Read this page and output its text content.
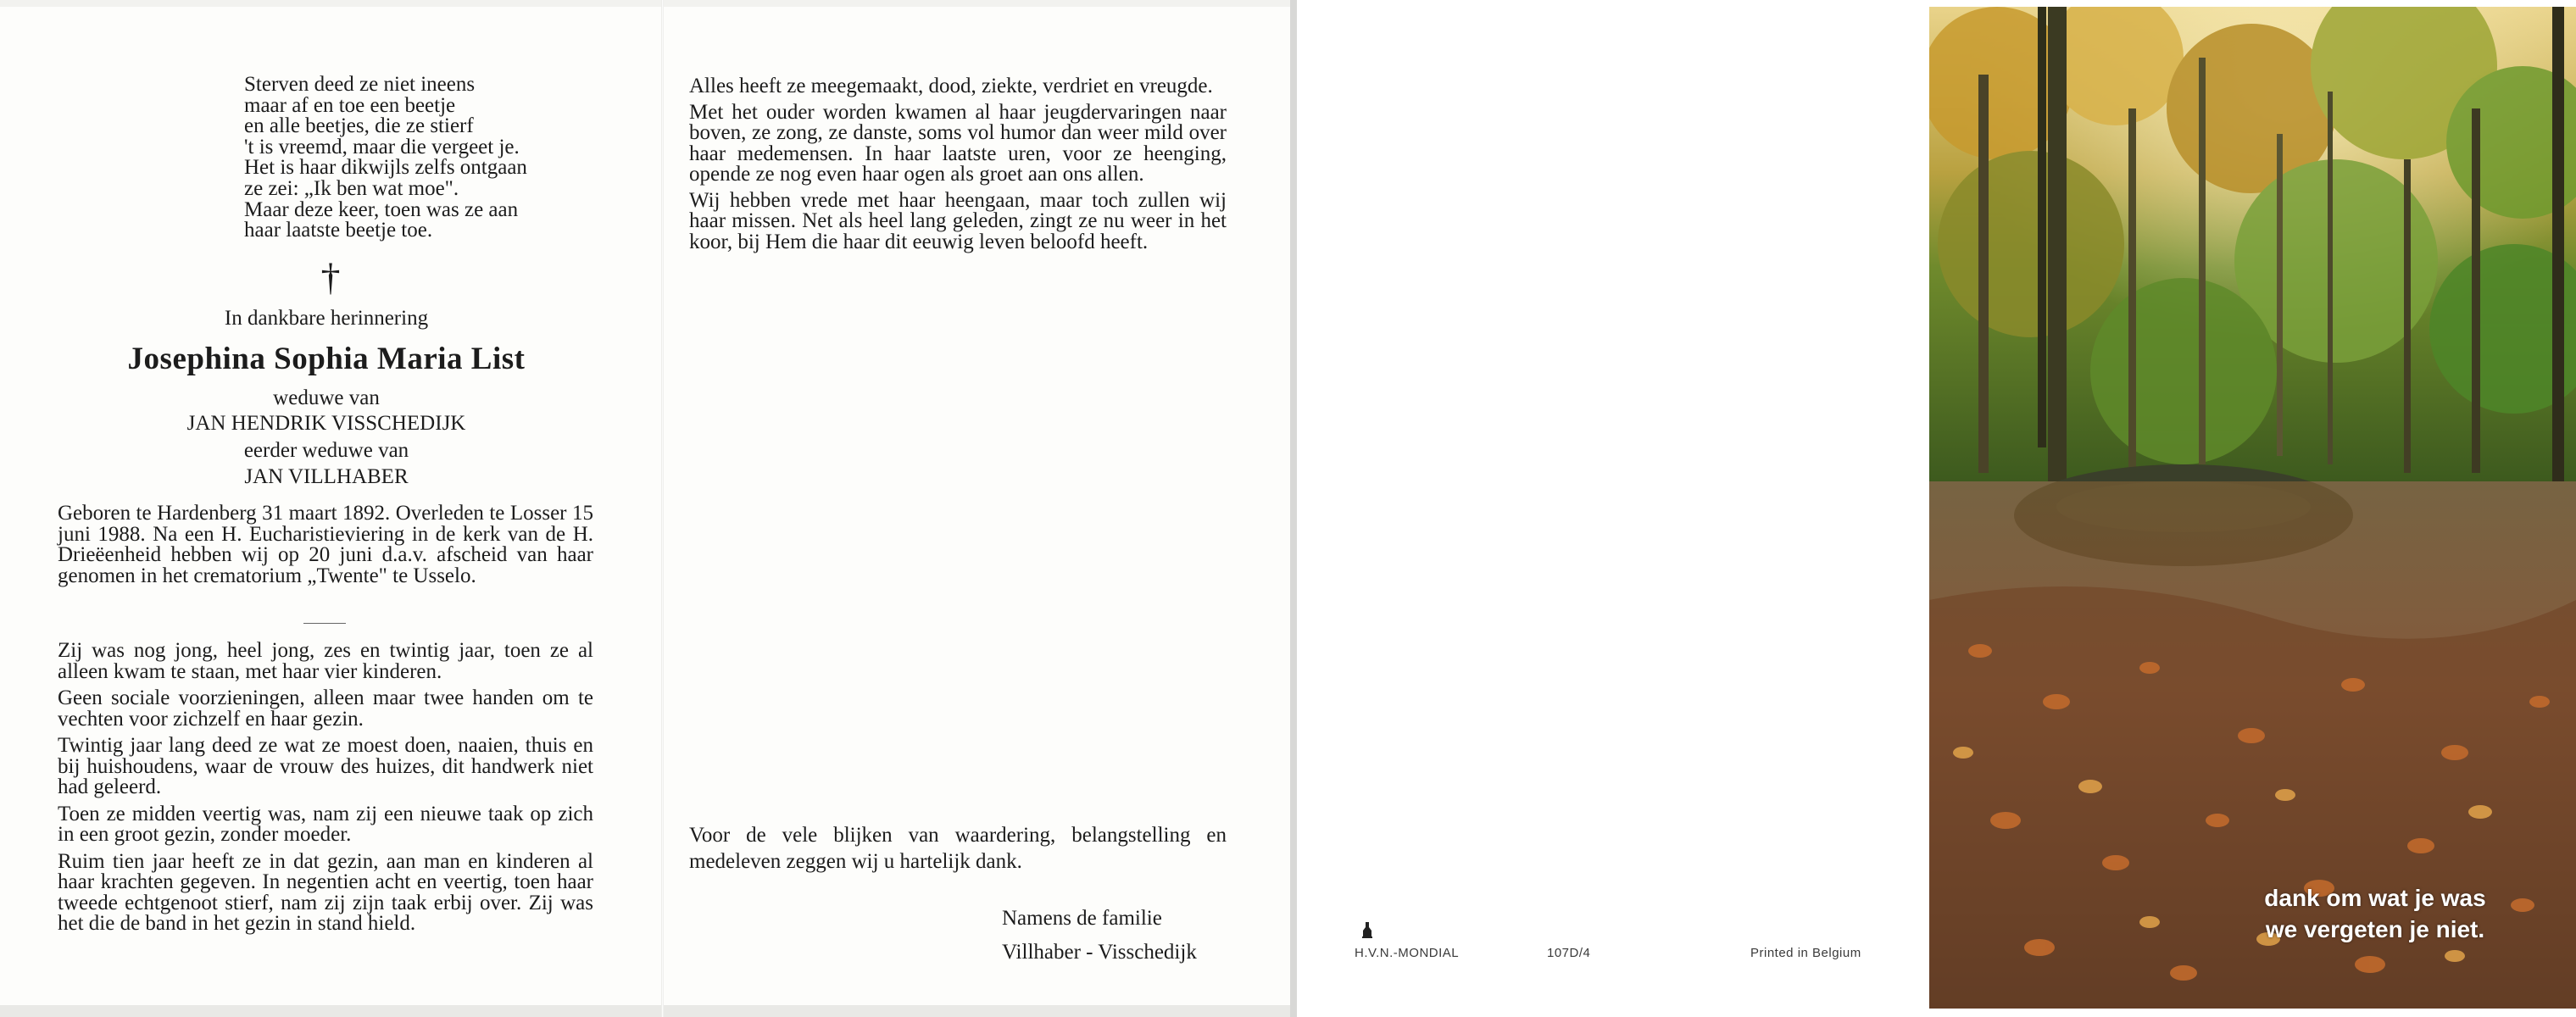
Sterven deed ze niet ineens
maar af en toe een beetje
en alle beetjes, die ze stierf
't is vreemd, maar die vergeet je.
Het is haar dikwijls zelfs ontgaan
ze zei: „Ik ben wat moe".
Maar deze keer, toen was ze aan
haar laatste beetje toe.
†
In dankbare herinnering
Josephina Sophia Maria List
weduwe van
JAN HENDRIK VISSCHEDIJK
eerder weduwe van
JAN VILLHABER

Geboren te Hardenberg 31 maart 1892. Overleden te Losser 15 juni 1988. Na een H. Eucharistieviering in de kerk van de H. Drieëenheid hebben wij op 20 juni d.a.v. afscheid van haar genomen in het crematorium „Twente" te Usselo.

Zij was nog jong, heel jong, zes en twintig jaar, toen ze al alleen kwam te staan, met haar vier kinderen.

Geen sociale voorzieningen, alleen maar twee handen om te vechten voor zichzelf en haar gezin.

Twintig jaar lang deed ze wat ze moest doen, naaien, thuis en bij huishoudens, waar de vrouw des huizes, dit handwerk niet had geleerd.

Toen ze midden veertig was, nam zij een nieuwe taak op zich in een groot gezin, zonder moeder.

Ruim tien jaar heeft ze in dat gezin, aan man en kinderen al haar krachten gegeven. In negentien acht en veertig, toen haar tweede echtgenoot stierf, nam zij zijn taak erbij over. Zij was het die de band in het gezin in stand hield.

Alles heeft ze meegemaakt, dood, ziekte, verdriet en vreugde.

Met het ouder worden kwamen al haar jeugdervaringen naar boven, ze zong, ze danste, soms vol humor dan weer mild over haar medemensen. In haar laatste uren, voor ze heenging, opende ze nog even haar ogen als groet aan ons allen.

Wij hebben vrede met haar heengaan, maar toch zullen wij haar missen. Net als heel lang geleden, zingt ze nu weer in het koor, bij Hem die haar dit eeuwig leven beloofd heeft.

Voor de vele blijken van waardering, belangstelling en medeleven zeggen wij u hartelijk dank.

Namens de familie
Villhaber - Visschedijk	H.V.N.-MONDIAL	107D/4	Printed in Belgium
dank om wat je was
we vergeten je niet.
